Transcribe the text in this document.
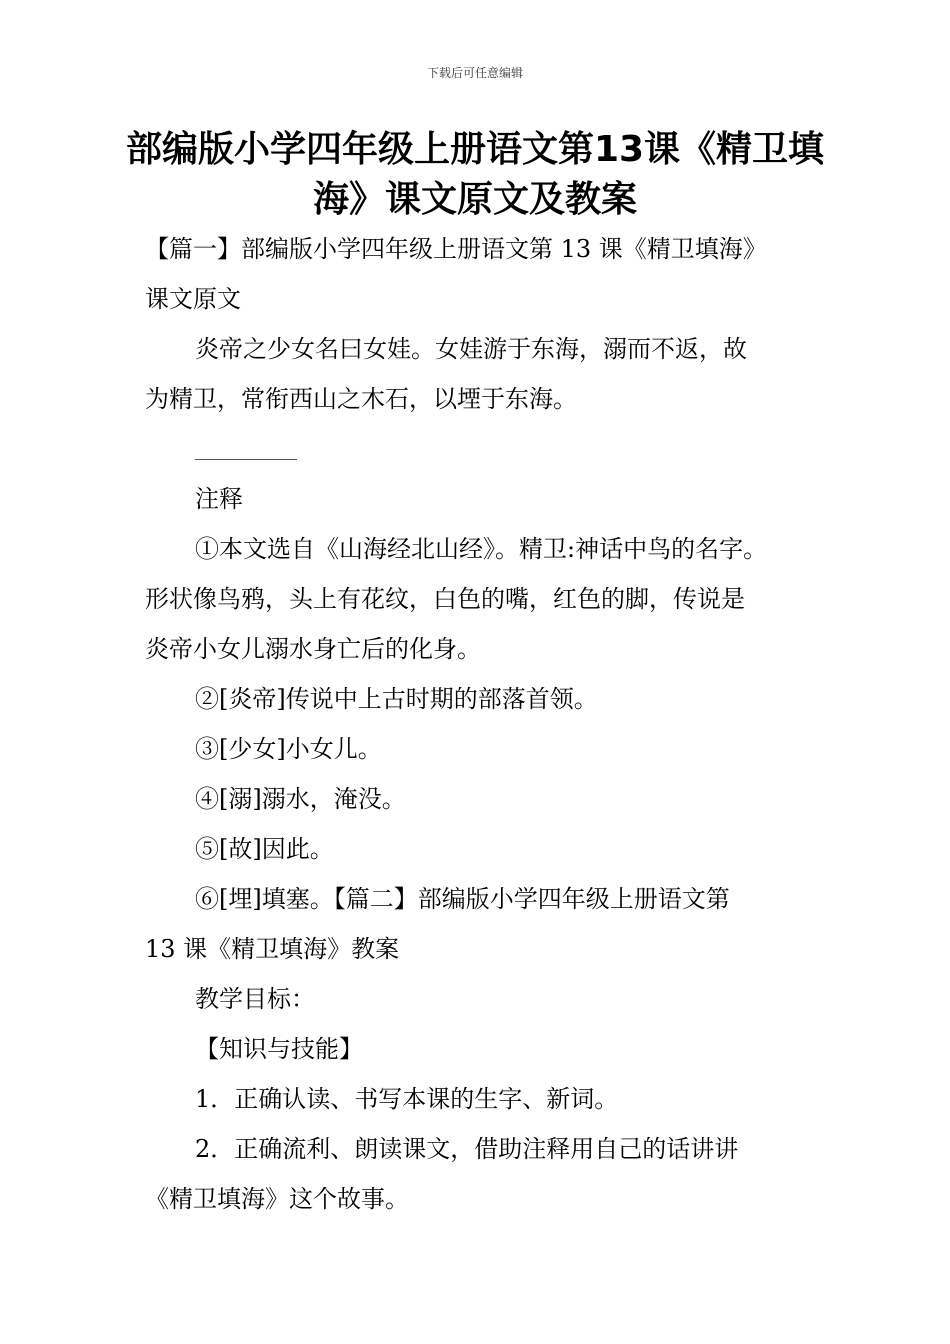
下载后可任意编辑
部编版小学四年级上册语文第13课《精卫填海》课文原文及教案
【篇一】部编版小学四年级上册语文第 13 课《精卫填海》
课文原文
炎帝之少女名曰女娃。女娃游于东海，溺而不返，故
为精卫，常衔西山之木石，以堙于东海。
注释
①本文选自《山海经北山经》。精卫:神话中鸟的名字。
形状像鸟鸦，头上有花纹，白色的嘴，红色的脚，传说是
炎帝小女儿溺水身亡后的化身。
②[炎帝]传说中上古时期的部落首领。
③[少女]小女儿。
④[溺]溺水，淹没。
⑤[故]因此。
⑥[埋]填塞。【篇二】部编版小学四年级上册语文第
13 课《精卫填海》教案
教学目标：
【知识与技能】
1．正确认读、书写本课的生字、新词。
2．正确流利、朗读课文，借助注释用自己的话讲讲
《精卫填海》这个故事。
